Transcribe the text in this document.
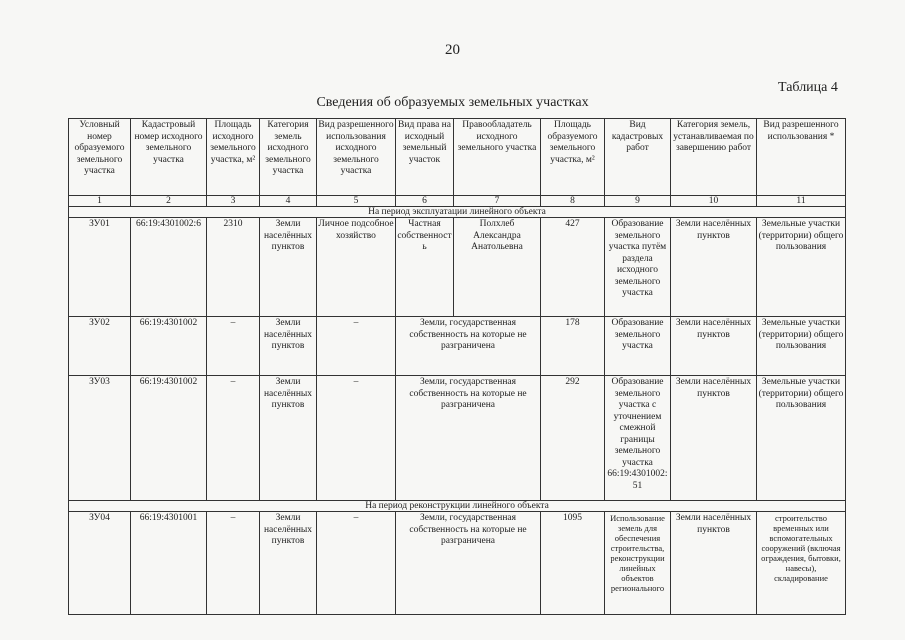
20
Таблица 4
Сведения об образуемых земельных участках
Условный номер образуемого земельного участка	Кадастровый номер исходного земельного участка	Площадь исходного земельного участка, м²	Категория земель исходного земельного участка	Вид разрешенного использования исходного земельного участка	Вид права на исходный земельный участок	Правообладатель исходного земельного участка	Площадь образуемого земельного участка, м²	Вид кадастровых работ	Категория земель, устанавливаемая по завершению работ	Вид разрешенного использования *
1	2	3	4	5	6	7	8	9	10	11
На период эксплуатации линейного объекта										
ЗУ01	66:19:4301002:6	2310	Земли населённых пунктов	Личное подсобное хозяйство	Частная собственность	Полхлеб Александра Анатольевна	427	Образование земельного участка путём раздела исходного земельного участка	Земли населённых пунктов	Земельные участки (территории) общего пользования
ЗУ02	66:19:4301002	–	Земли населённых пунктов	–	Земли, государственная собственность на которые не разграничена		178	Образование земельного участка	Земли населённых пунктов	Земельные участки (территории) общего пользования
ЗУ03	66:19:4301002	–	Земли населённых пунктов	–	Земли, государственная собственность на которые не разграничена		292	Образование земельного участка с уточнением смежной границы земельного участка 66:19:4301002:51	Земли населённых пунктов	Земельные участки (территории) общего пользования
На период реконструкции линейного объекта										
ЗУ04	66:19:4301001	–	Земли населённых пунктов	–	Земли, государственная собственность на которые не разграничена		1095	Использование земель для обеспечения строительства, реконструкции линейных объектов регионального	Земли населённых пунктов	строительство временных или вспомогательных сооружений (включая ограждения, бытовки, навесы), складирование
